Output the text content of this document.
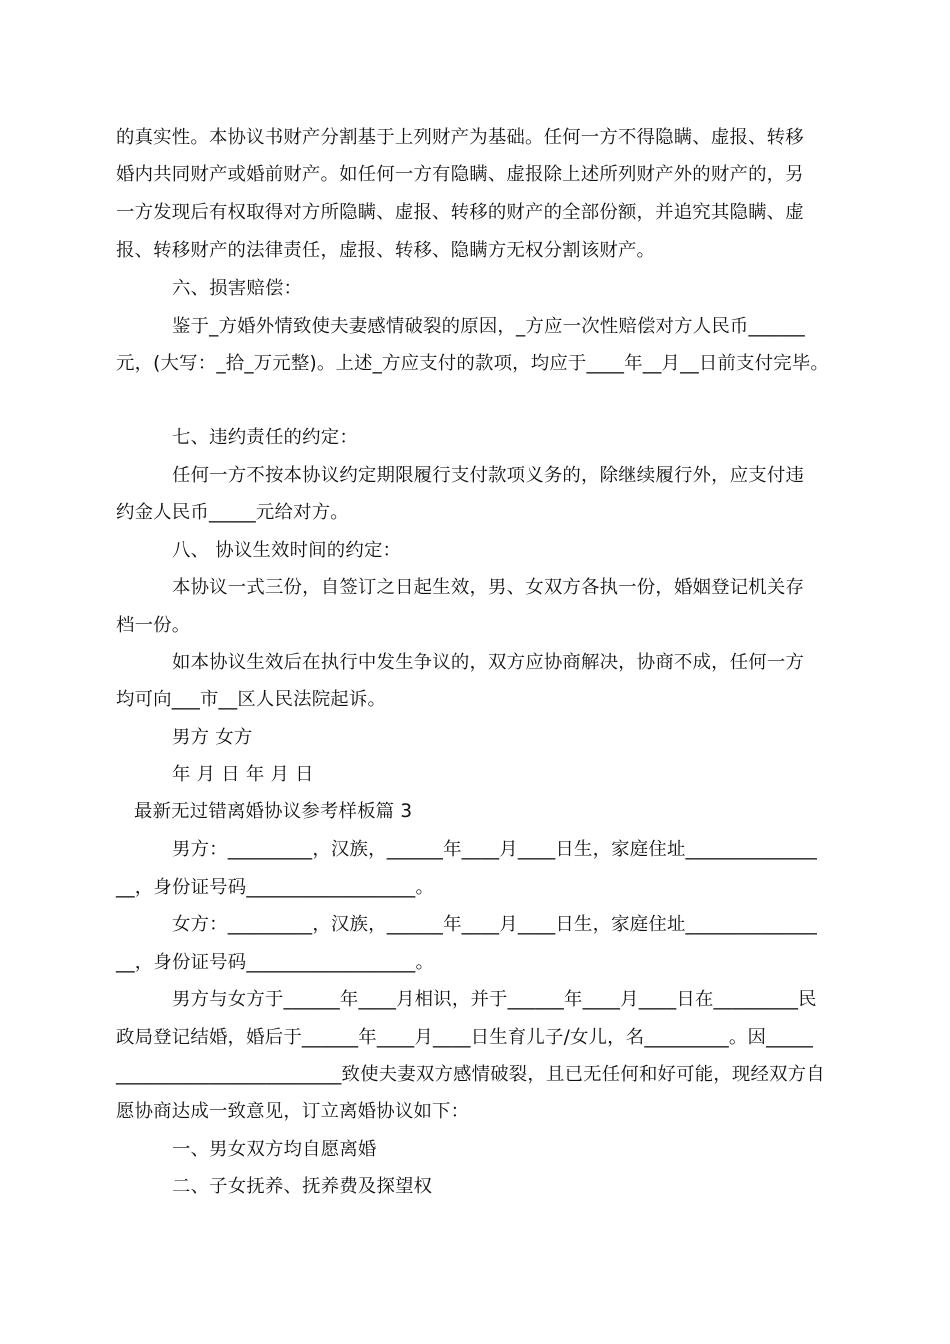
的真实性。本协议书财产分割基于上列财产为基础。任何一方不得隐瞒、虚报、转移
婚内共同财产或婚前财产。如任何一方有隐瞒、虚报除上述所列财产外的财产的，另
一方发现后有权取得对方所隐瞒、虚报、转移的财产的全部份额，并追究其隐瞒、虚
报、转移财产的法律责任，虚报、转移、隐瞒方无权分割该财产。
六、损害赔偿：
鉴于_方婚外情致使夫妻感情破裂的原因，_方应一次性赔偿对方人民币______
元，(大写：_拾_万元整)。上述_方应支付的款项，均应于____年__月__日前支付完毕。
七、违约责任的约定：
任何一方不按本协议约定期限履行支付款项义务的，除继续履行外，应支付违
约金人民币_____元给对方。
八、 协议生效时间的约定：
本协议一式三份，自签订之日起生效，男、女双方各执一份，婚姻登记机关存
档一份。
如本协议生效后在执行中发生争议的，双方应协商解决，协商不成，任何一方
均可向___市__区人民法院起诉。
男方 女方
年 月 日 年 月 日
最新无过错离婚协议参考样板篇 3
男方：_________，汉族，______年____月____日生，家庭住址______________
__，身份证号码__________________。
女方：_________，汉族，______年____月____日生，家庭住址______________
__，身份证号码__________________。
男方与女方于______年____月相识，并于______年____月____日在_________民
政局登记结婚，婚后于______年____月____日生育儿子/女儿，名_________。因_____
________________________致使夫妻双方感情破裂，且已无任何和好可能，现经双方自
愿协商达成一致意见，订立离婚协议如下：
一、男女双方均自愿离婚
二、子女抚养、抚养费及探望权
